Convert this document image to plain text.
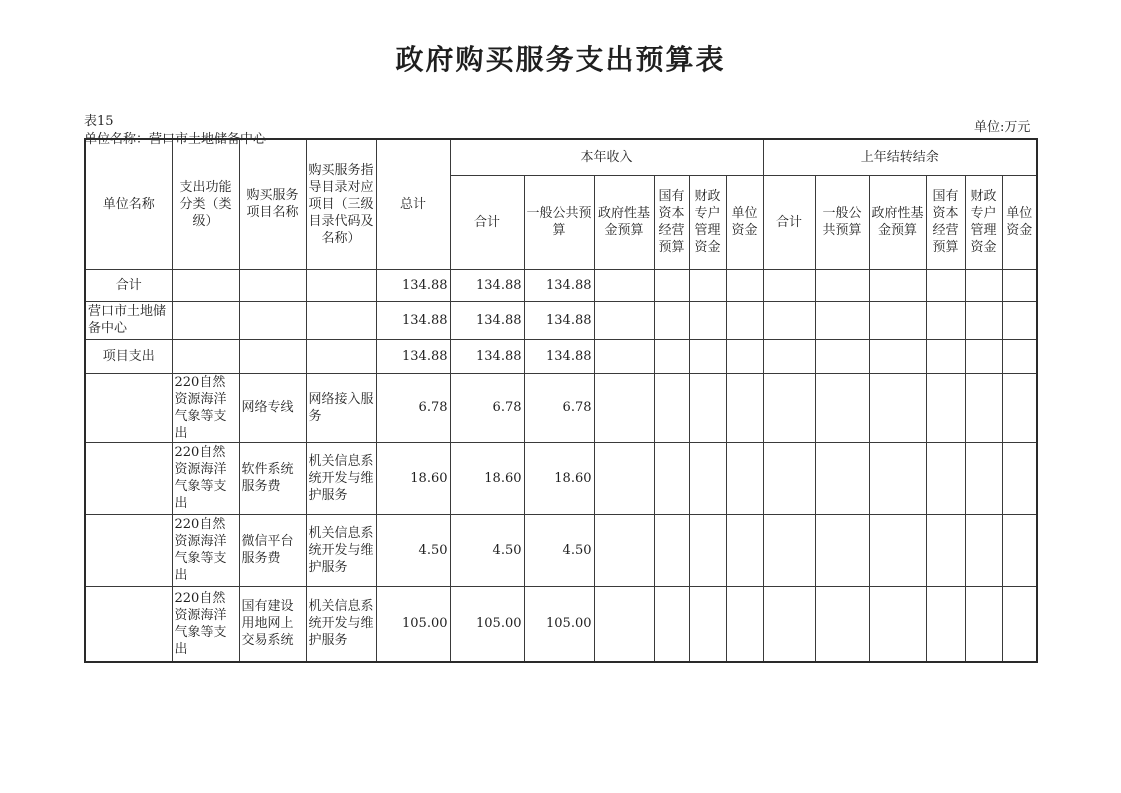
政府购买服务支出预算表
表15
单位名称：营口市土地储备中心
单位:万元
单位名称	支出功能分类（类级）	购买服务项目名称	购买服务指导目录对应项目（三级目录代码及名称）	总计	本年收入						上年结转结余					
					合计	一般公共预算	政府性基金预算	国有资本经营预算	财政专户管理资金	单位资金	合计	一般公共预算	政府性基金预算	国有资本经营预算	财政专户管理资金	单位资金
合计				134.88	134.88	134.88										
营口市土地储备中心				134.88	134.88	134.88										
项目支出				134.88	134.88	134.88										
	220自然资源海洋气象等支出	网络专线	网络接入服务	6.78	6.78	6.78										
	220自然资源海洋气象等支出	软件系统服务费	机关信息系统开发与维护服务	18.60	18.60	18.60										
	220自然资源海洋气象等支出	微信平台服务费	机关信息系统开发与维护服务	4.50	4.50	4.50										
	220自然资源海洋气象等支出	国有建设用地网上交易系统	机关信息系统开发与维护服务	105.00	105.00	105.00										
